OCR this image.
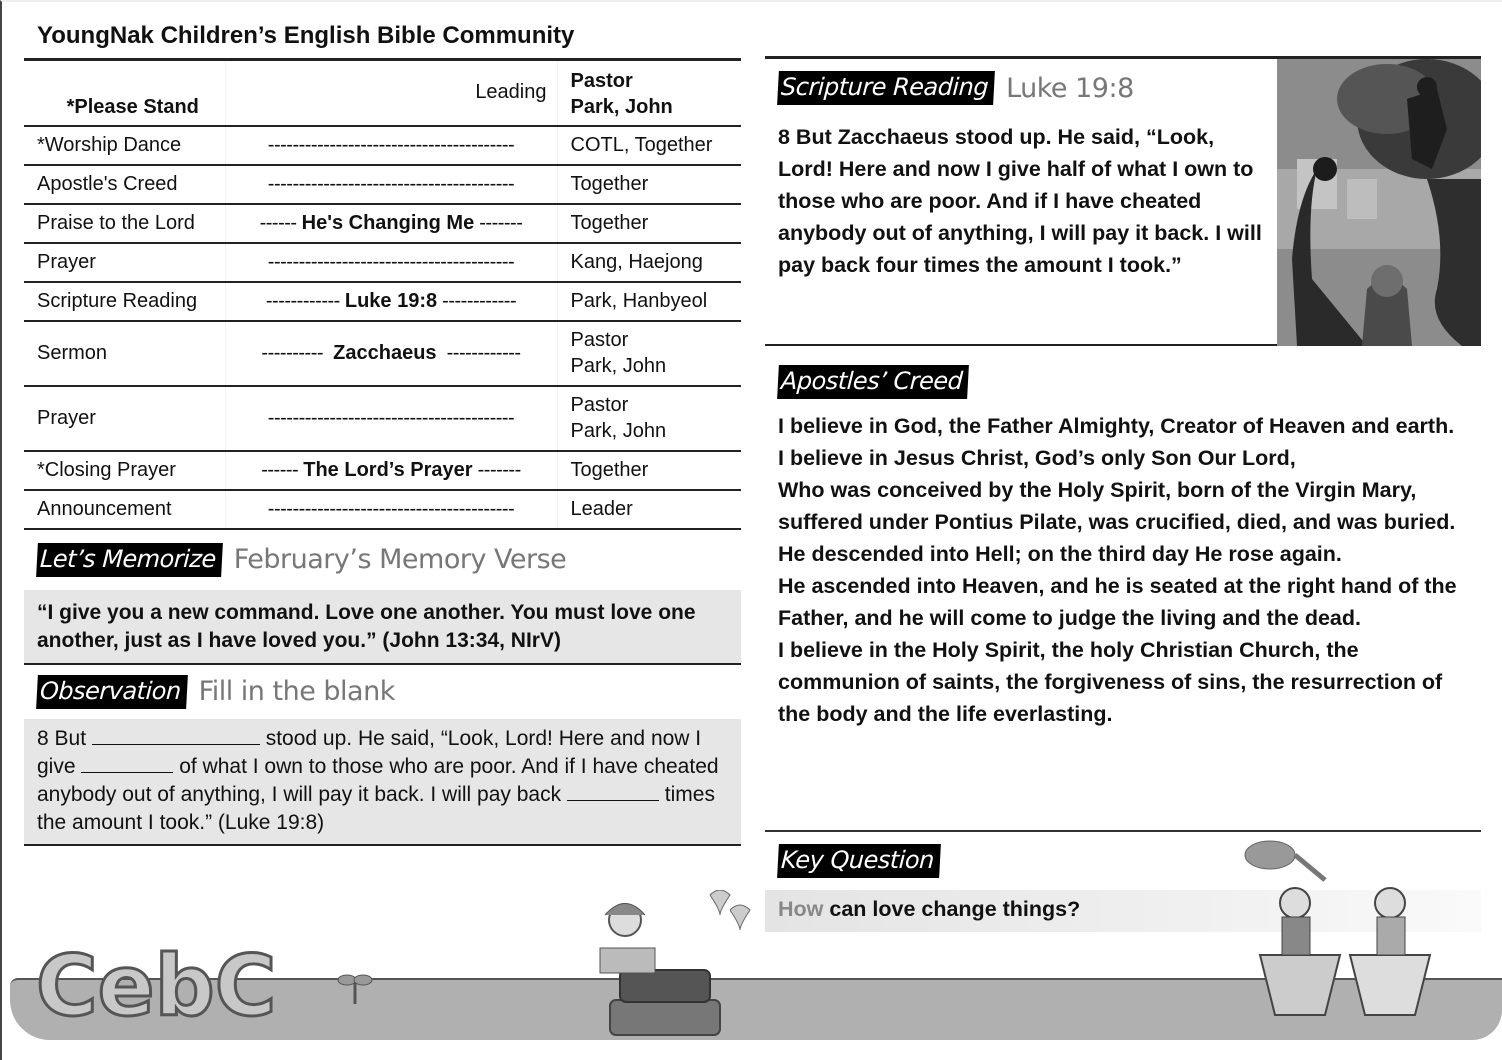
YoungNak Children’s English Bible Community
*Please Stand	Leading	Pastor
Park, John

*Worship Dance	----------------------------------------	COTL, Together

Apostle's Creed	----------------------------------------	Together

Praise to the Lord	------ He's Changing Me -------	Together

Prayer	----------------------------------------	Kang, Haejong

Scripture Reading	------------ Luke 19:8 ------------	Park, Hanbyeol

Sermon	----------  Zacchaeus  ------------	Pastor
Park, John

Prayer	----------------------------------------	Pastor
Park, John

*Closing Prayer	------ The Lord’s Prayer -------	Together

Announcement	----------------------------------------	Leader
Let’s Memorize February’s Memory Verse
“I give you a new command. Love one another. You must love one another, just as I have loved you.” (John 13:34, NIrV)
Observation Fill in the blank
8 But	stood up. He said, “Look, Lord! Here and now I give	of what I own to those who are poor. And if I have cheated anybody out of anything, I will pay it back. I will pay back	times the amount I took.” (Luke 19:8)
Scripture Reading Luke 19:8
8 But Zacchaeus stood up. He said, “Look, Lord! Here and now I give half of what I own to those who are poor. And if I have cheated anybody out of anything, I will pay it back. I will pay back four times the amount I took.”
Apostles’ Creed
I believe in God, the Father Almighty, Creator of Heaven and earth.
I believe in Jesus Christ, God’s only Son Our Lord,
Who was conceived by the Holy Spirit, born of the Virgin Mary, suffered under Pontius Pilate, was crucified, died, and was buried.
He descended into Hell; on the third day He rose again.
He ascended into Heaven, and he is seated at the right hand of the Father, and he will come to judge the living and the dead.
I believe in the Holy Spirit, the holy Christian Church, the communion of saints, the forgiveness of sins, the resurrection of the body and the life everlasting.
Key Question
How can love change things?
CebC
